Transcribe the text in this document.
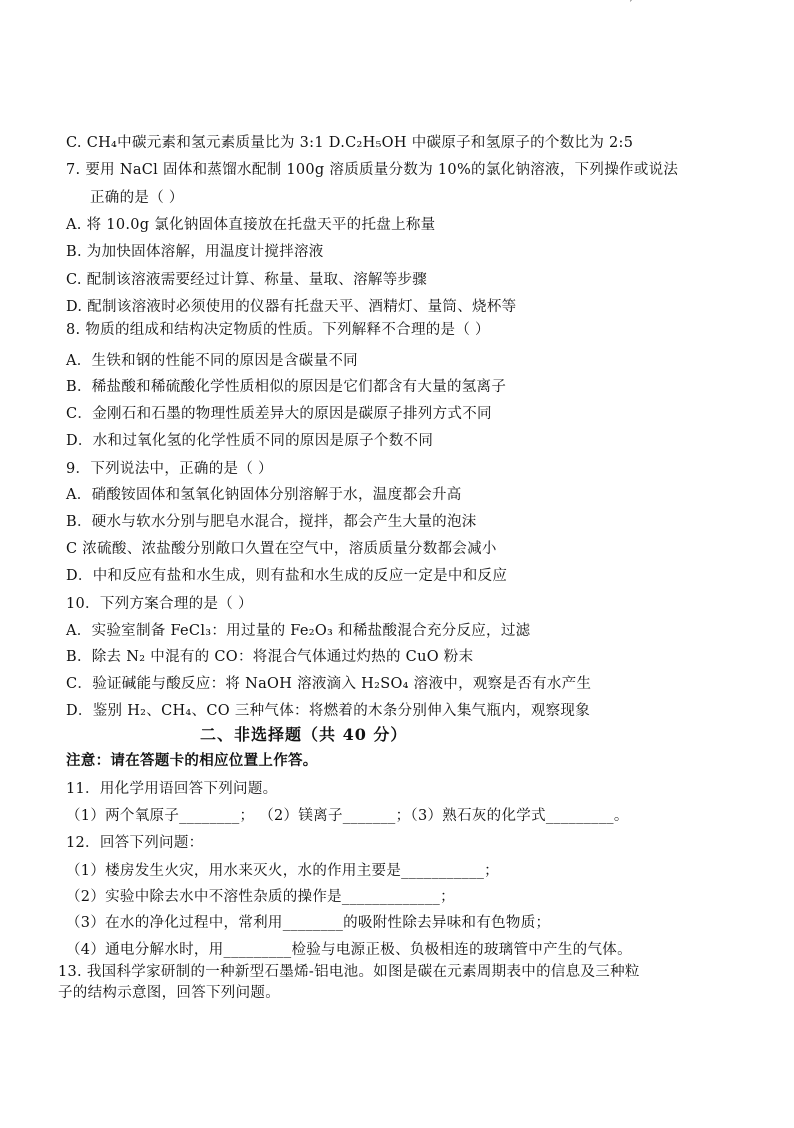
ˊ
C. CH₄中碳元素和氢元素质量比为 3:1 D.C₂H₅OH 中碳原子和氢原子的个数比为 2:5
7. 要用 NaCl 固体和蒸馏水配制 100g 溶质质量分数为 10%的氯化钠溶液，下列操作或说法
正确的是（ ）
A. 将 10.0g 氯化钠固体直接放在托盘天平的托盘上称量
B. 为加快固体溶解，用温度计搅拌溶液
C. 配制该溶液需要经过计算、称量、量取、溶解等步骤
D. 配制该溶液时必须使用的仪器有托盘天平、酒精灯、量筒、烧杯等
8. 物质的组成和结构决定物质的性质。下列解释不合理的是（ ）
A．生铁和钢的性能不同的原因是含碳量不同
B．稀盐酸和稀硫酸化学性质相似的原因是它们都含有大量的氢离子
C．金刚石和石墨的物理性质差异大的原因是碳原子排列方式不同
D．水和过氧化氢的化学性质不同的原因是原子个数不同
9．下列说法中，正确的是（ ）
A．硝酸铵固体和氢氧化钠固体分别溶解于水，温度都会升高
B．硬水与软水分别与肥皂水混合，搅拌，都会产生大量的泡沫
C 浓硫酸、浓盐酸分别敞口久置在空气中，溶质质量分数都会减小
D．中和反应有盐和水生成，则有盐和水生成的反应一定是中和反应
10．下列方案合理的是（ ）
A．实验室制备 FeCl₃：用过量的 Fe₂O₃ 和稀盐酸混合充分反应，过滤
B．除去 N₂ 中混有的 CO：将混合气体通过灼热的 CuO 粉末
C．验证碱能与酸反应：将 NaOH 溶液滴入 H₂SO₄ 溶液中，观察是否有水产生
D．鉴别 H₂、CH₄、CO 三种气体：将燃着的木条分别伸入集气瓶内，观察现象
二、非选择题（共 40 分）
注意：请在答题卡的相应位置上作答。
11．用化学用语回答下列问题。
（1）两个氧原子________； （2）镁离子_______；（3）熟石灰的化学式_________。
12．回答下列问题：
（1）楼房发生火灾，用水来灭火，水的作用主要是___________；
（2）实验中除去水中不溶性杂质的操作是_____________；
（3）在水的净化过程中，常利用________的吸附性除去异味和有色物质；
（4）通电分解水时，用_________检验与电源正极、负极相连的玻璃管中产生的气体。
13. 我国科学家研制的一种新型石墨烯-铝电池。如图是碳在元素周期表中的信息及三种粒
子的结构示意图，回答下列问题。
